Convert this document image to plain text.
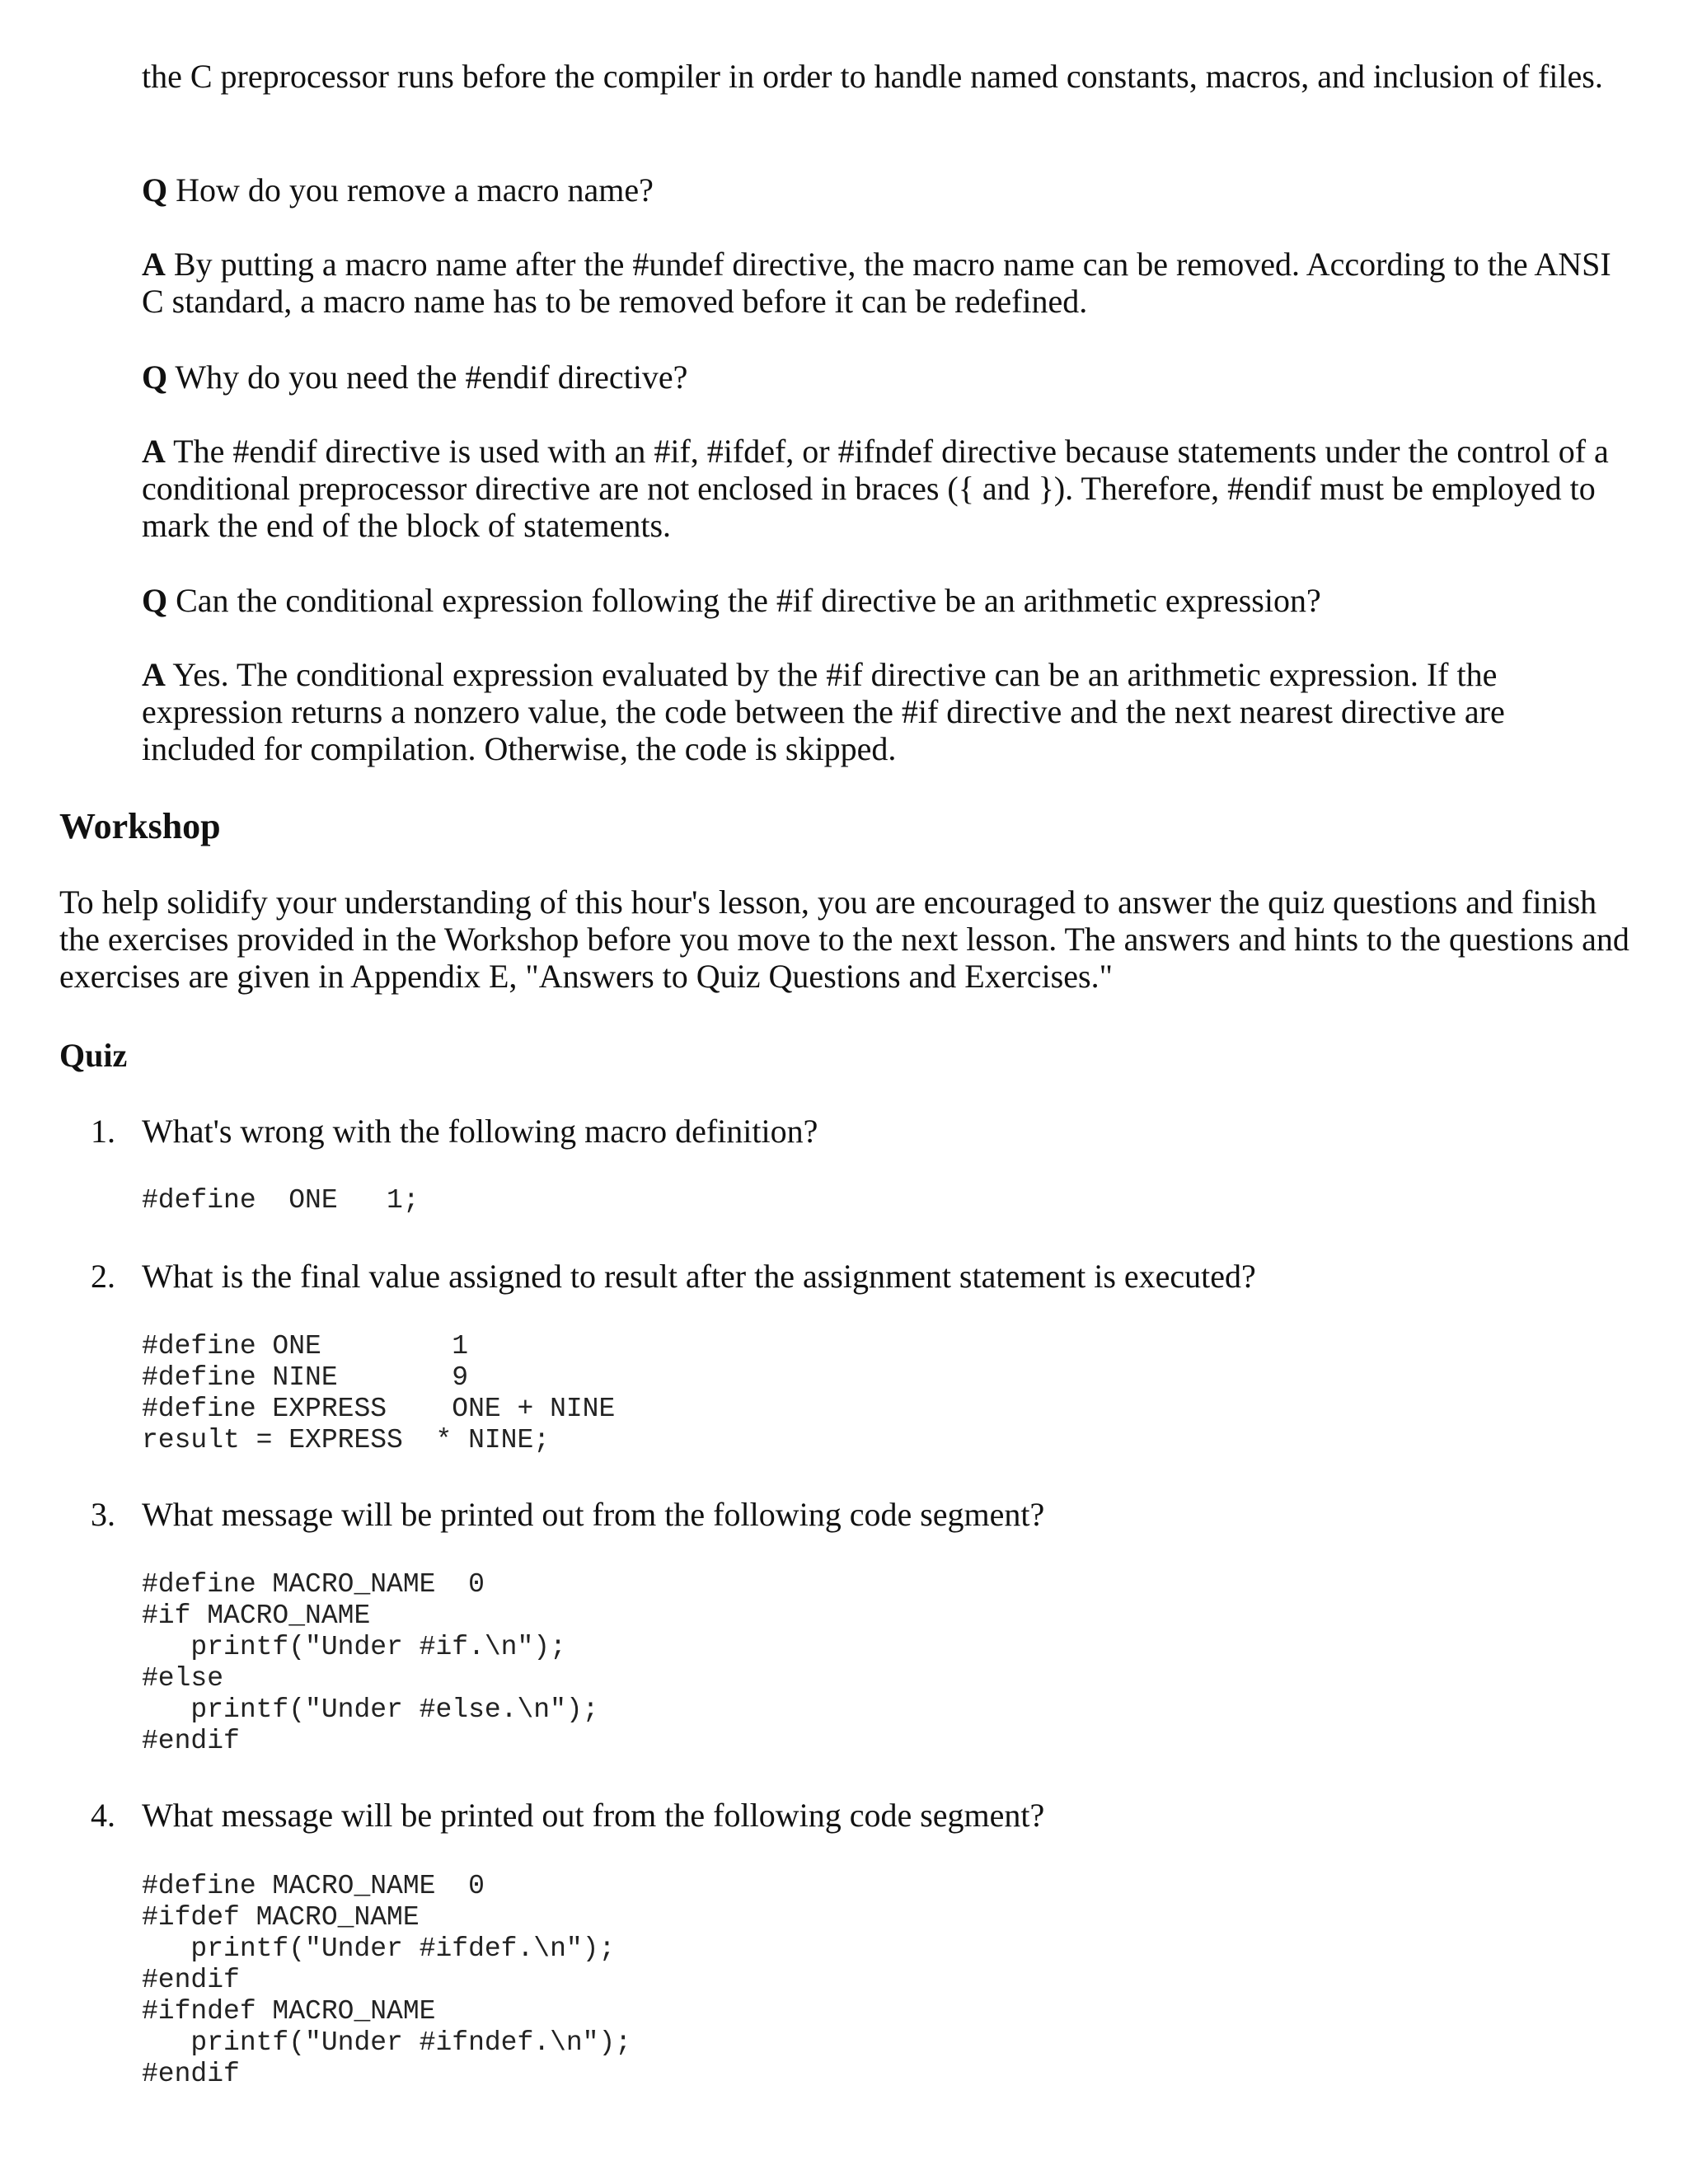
the C preprocessor runs before the compiler in order to handle named constants, macros, and inclusion of files.

Q How do you remove a macro name?

A By putting a macro name after the #undef directive, the macro name can be removed. According to the ANSI C standard, a macro name has to be removed before it can be redefined.

Q Why do you need the #endif directive?

A The #endif directive is used with an #if, #ifdef, or #ifndef directive because statements under the control of a conditional preprocessor directive are not enclosed in braces ({ and }). Therefore, #endif must be employed to mark the end of the block of statements.

Q Can the conditional expression following the #if directive be an arithmetic expression?

A Yes. The conditional expression evaluated by the #if directive can be an arithmetic expression. If the expression returns a nonzero value, the code between the #if directive and the next nearest directive are included for compilation. Otherwise, the code is skipped.

Workshop

To help solidify your understanding of this hour's lesson, you are encouraged to answer the quiz questions and finish the exercises provided in the Workshop before you move to the next lesson. The answers and hints to the questions and exercises are given in Appendix E, "Answers to Quiz Questions and Exercises."

Quiz

1. What's wrong with the following macro definition?

#define  ONE   1;

2. What is the final value assigned to result after the assignment statement is executed?

#define ONE        1
#define NINE       9
#define EXPRESS    ONE + NINE
result = EXPRESS  * NINE;

3. What message will be printed out from the following code segment?

#define MACRO_NAME  0
#if MACRO_NAME
printf("Under #if.\n");
#else
printf("Under #else.\n");
#endif

4. What message will be printed out from the following code segment?

#define MACRO_NAME  0
#ifdef MACRO_NAME
printf("Under #ifdef.\n");
#endif
#ifndef MACRO_NAME
printf("Under #ifndef.\n");
#endif
